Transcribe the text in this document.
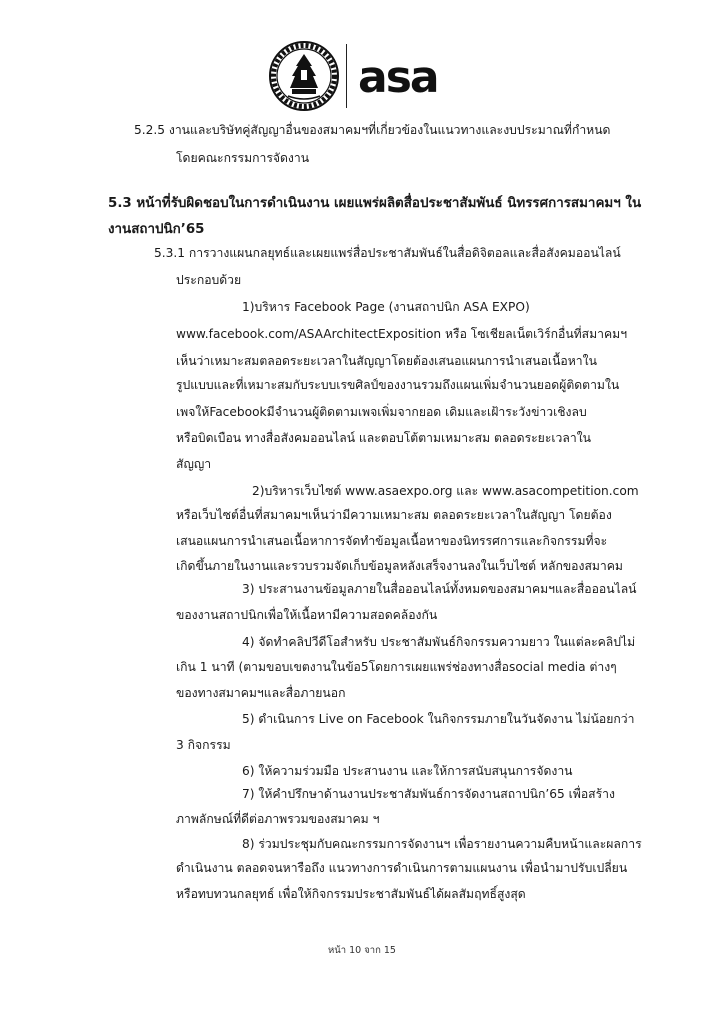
asa
5.2.5 งานและบริษัทคู่สัญญาอื่นของสมาคมฯที่เกี่ยวข้องในแนวทางและงบประมาณที่กำหนด
โดยคณะกรรมการจัดงาน
5.3 หน้าที่รับผิดชอบในการดำเนินงาน เผยแพร่ผลิตสื่อประชาสัมพันธ์ นิทรรศการสมาคมฯ ใน
งานสถาปนิก’65
5.3.1 การวางแผนกลยุทธ์และเผยแพร่สื่อประชาสัมพันธ์ในสื่อดิจิตอลและสื่อสังคมออนไลน์
ประกอบด้วย
1)บริหาร Facebook Page (งานสถาปนิก ASA EXPO)
www.facebook.com/ASAArchitectExposition หรือ โซเชียลเน็ตเวิร์กอื่นที่สมาคมฯ
เห็นว่าเหมาะสมตลอดระยะเวลาในสัญญาโดยต้องเสนอแผนการนำเสนอเนื้อหาใน
รูปแบบและที่เหมาะสมกับระบบเรขศิลป์ของงานรวมถึงแผนเพิ่มจำนวนยอดผู้ติดตามใน
เพจให้Facebookมีจำนวนผู้ติดตามเพจเพิ่มจากยอด เดิมและเฝ้าระวังข่าวเชิงลบ
หรือบิดเบือน ทางสื่อสังคมออนไลน์ และตอบโต้ตามเหมาะสม ตลอดระยะเวลาใน
สัญญา
2)บริหารเว็บไซต์ www.asaexpo.org และ www.asacompetition.com
หรือเว็บไซต์อื่นที่สมาคมฯเห็นว่ามีความเหมาะสม ตลอดระยะเวลาในสัญญา โดยต้อง
เสนอแผนการนำเสนอเนื้อหาการจัดทำข้อมูลเนื้อหาของนิทรรศการและกิจกรรมที่จะ
เกิดขึ้นภายในงานและรวบรวมจัดเก็บข้อมูลหลังเสร็จงานลงในเว็บไซต์ หลักของสมาคม
3) ประสานงานข้อมูลภายในสื่อออนไลน์ทั้งหมดของสมาคมฯและสื่อออนไลน์
ของงานสถาปนิกเพื่อให้เนื้อหามีความสอดคล้องกัน
4) จัดทำคลิปวีดีโอสำหรับ ประชาสัมพันธ์กิจกรรมความยาว ในแต่ละคลิปไม่
เกิน 1 นาที (ตามขอบเขตงานในข้อ5โดยการเผยแพร่ช่องทางสื่อsocial media ต่างๆ
ของทางสมาคมฯและสื่อภายนอก
5) ดำเนินการ Live on Facebook ในกิจกรรมภายในวันจัดงาน ไม่น้อยกว่า
3 กิจกรรม
6) ให้ความร่วมมือ ประสานงาน และให้การสนับสนุนการจัดงาน
7) ให้คำปรึกษาด้านงานประชาสัมพันธ์การจัดงานสถาปนิก’65 เพื่อสร้าง
ภาพลักษณ์ที่ดีต่อภาพรวมของสมาคม ฯ
8) ร่วมประชุมกับคณะกรรมการจัดงานฯ เพื่อรายงานความคืบหน้าและผลการ
ดำเนินงาน ตลอดจนหารือถึง แนวทางการดำเนินการตามแผนงาน เพื่อนำมาปรับเปลี่ยน
หรือทบทวนกลยุทธ์ เพื่อให้กิจกรรมประชาสัมพันธ์ได้ผลสัมฤทธิ์สูงสุด
หน้า 10 จาก 15
